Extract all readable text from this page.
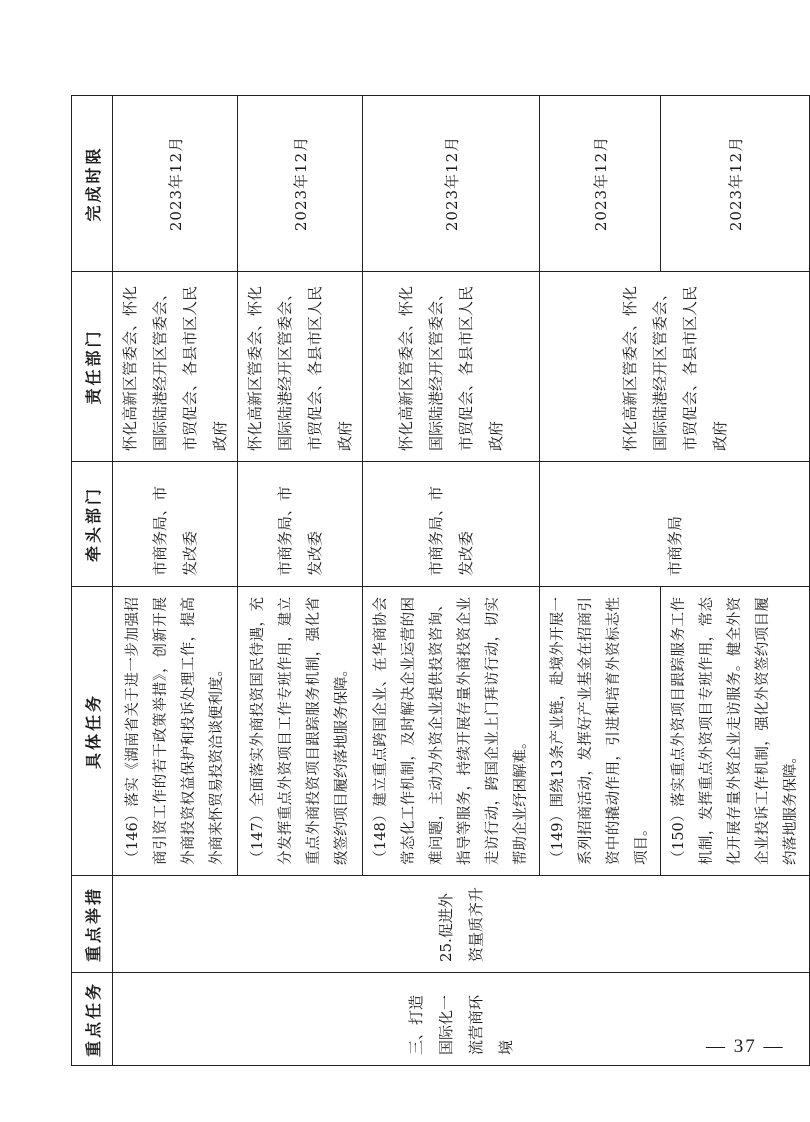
重点任务	重点举措	具体任务	牵头部门	责任部门	完成时限
三、打造国际化一流营商环境	25.促进外资量质齐升	（146）落实《湖南省关于进一步加强招商引资工作的若干政策举措》，创新开展外商投资权益保护和投诉处理工作，提高外商来怀贸易投资洽谈便利度。	市商务局、市发改委	怀化高新区管委会、怀化国际陆港经开区管委会、市贸促会、各县市区人民政府	2023年12月
		（147）全面落实外商投资国民待遇，充分发挥重点外资项目工作专班作用，建立重点外商投资项目跟踪服务机制，强化省级签约项目履约落地服务保障。	市商务局、市发改委	怀化高新区管委会、怀化国际陆港经开区管委会、市贸促会、各县市区人民政府	2023年12月
		（148）建立重点跨国企业、在华商协会常态化工作机制，及时解决企业运营的困难问题，主动为外资企业提供投资咨询、指导等服务，持续开展存量外商投资企业走访行动，跨国企业上门拜访行动，切实帮助企业纾困解难。	市商务局、市发改委	怀化高新区管委会、怀化国际陆港经开区管委会、市贸促会、各县市区人民政府	2023年12月
		（149）围绕13条产业链，赴境外开展一系列招商活动，发挥好产业基金在招商引资中的撬动作用，引进和培育外资标志性项目。	市商务局	怀化高新区管委会、怀化国际陆港经开区管委会、市贸促会、各县市区人民政府	2023年12月
		（150）落实重点外资项目跟踪服务工作机制，发挥重点外资项目专班作用，常态化开展存量外资企业走访服务。健全外资企业投诉工作机制，强化外资签约项目履约落地服务保障。			2023年12月
— 37 —
